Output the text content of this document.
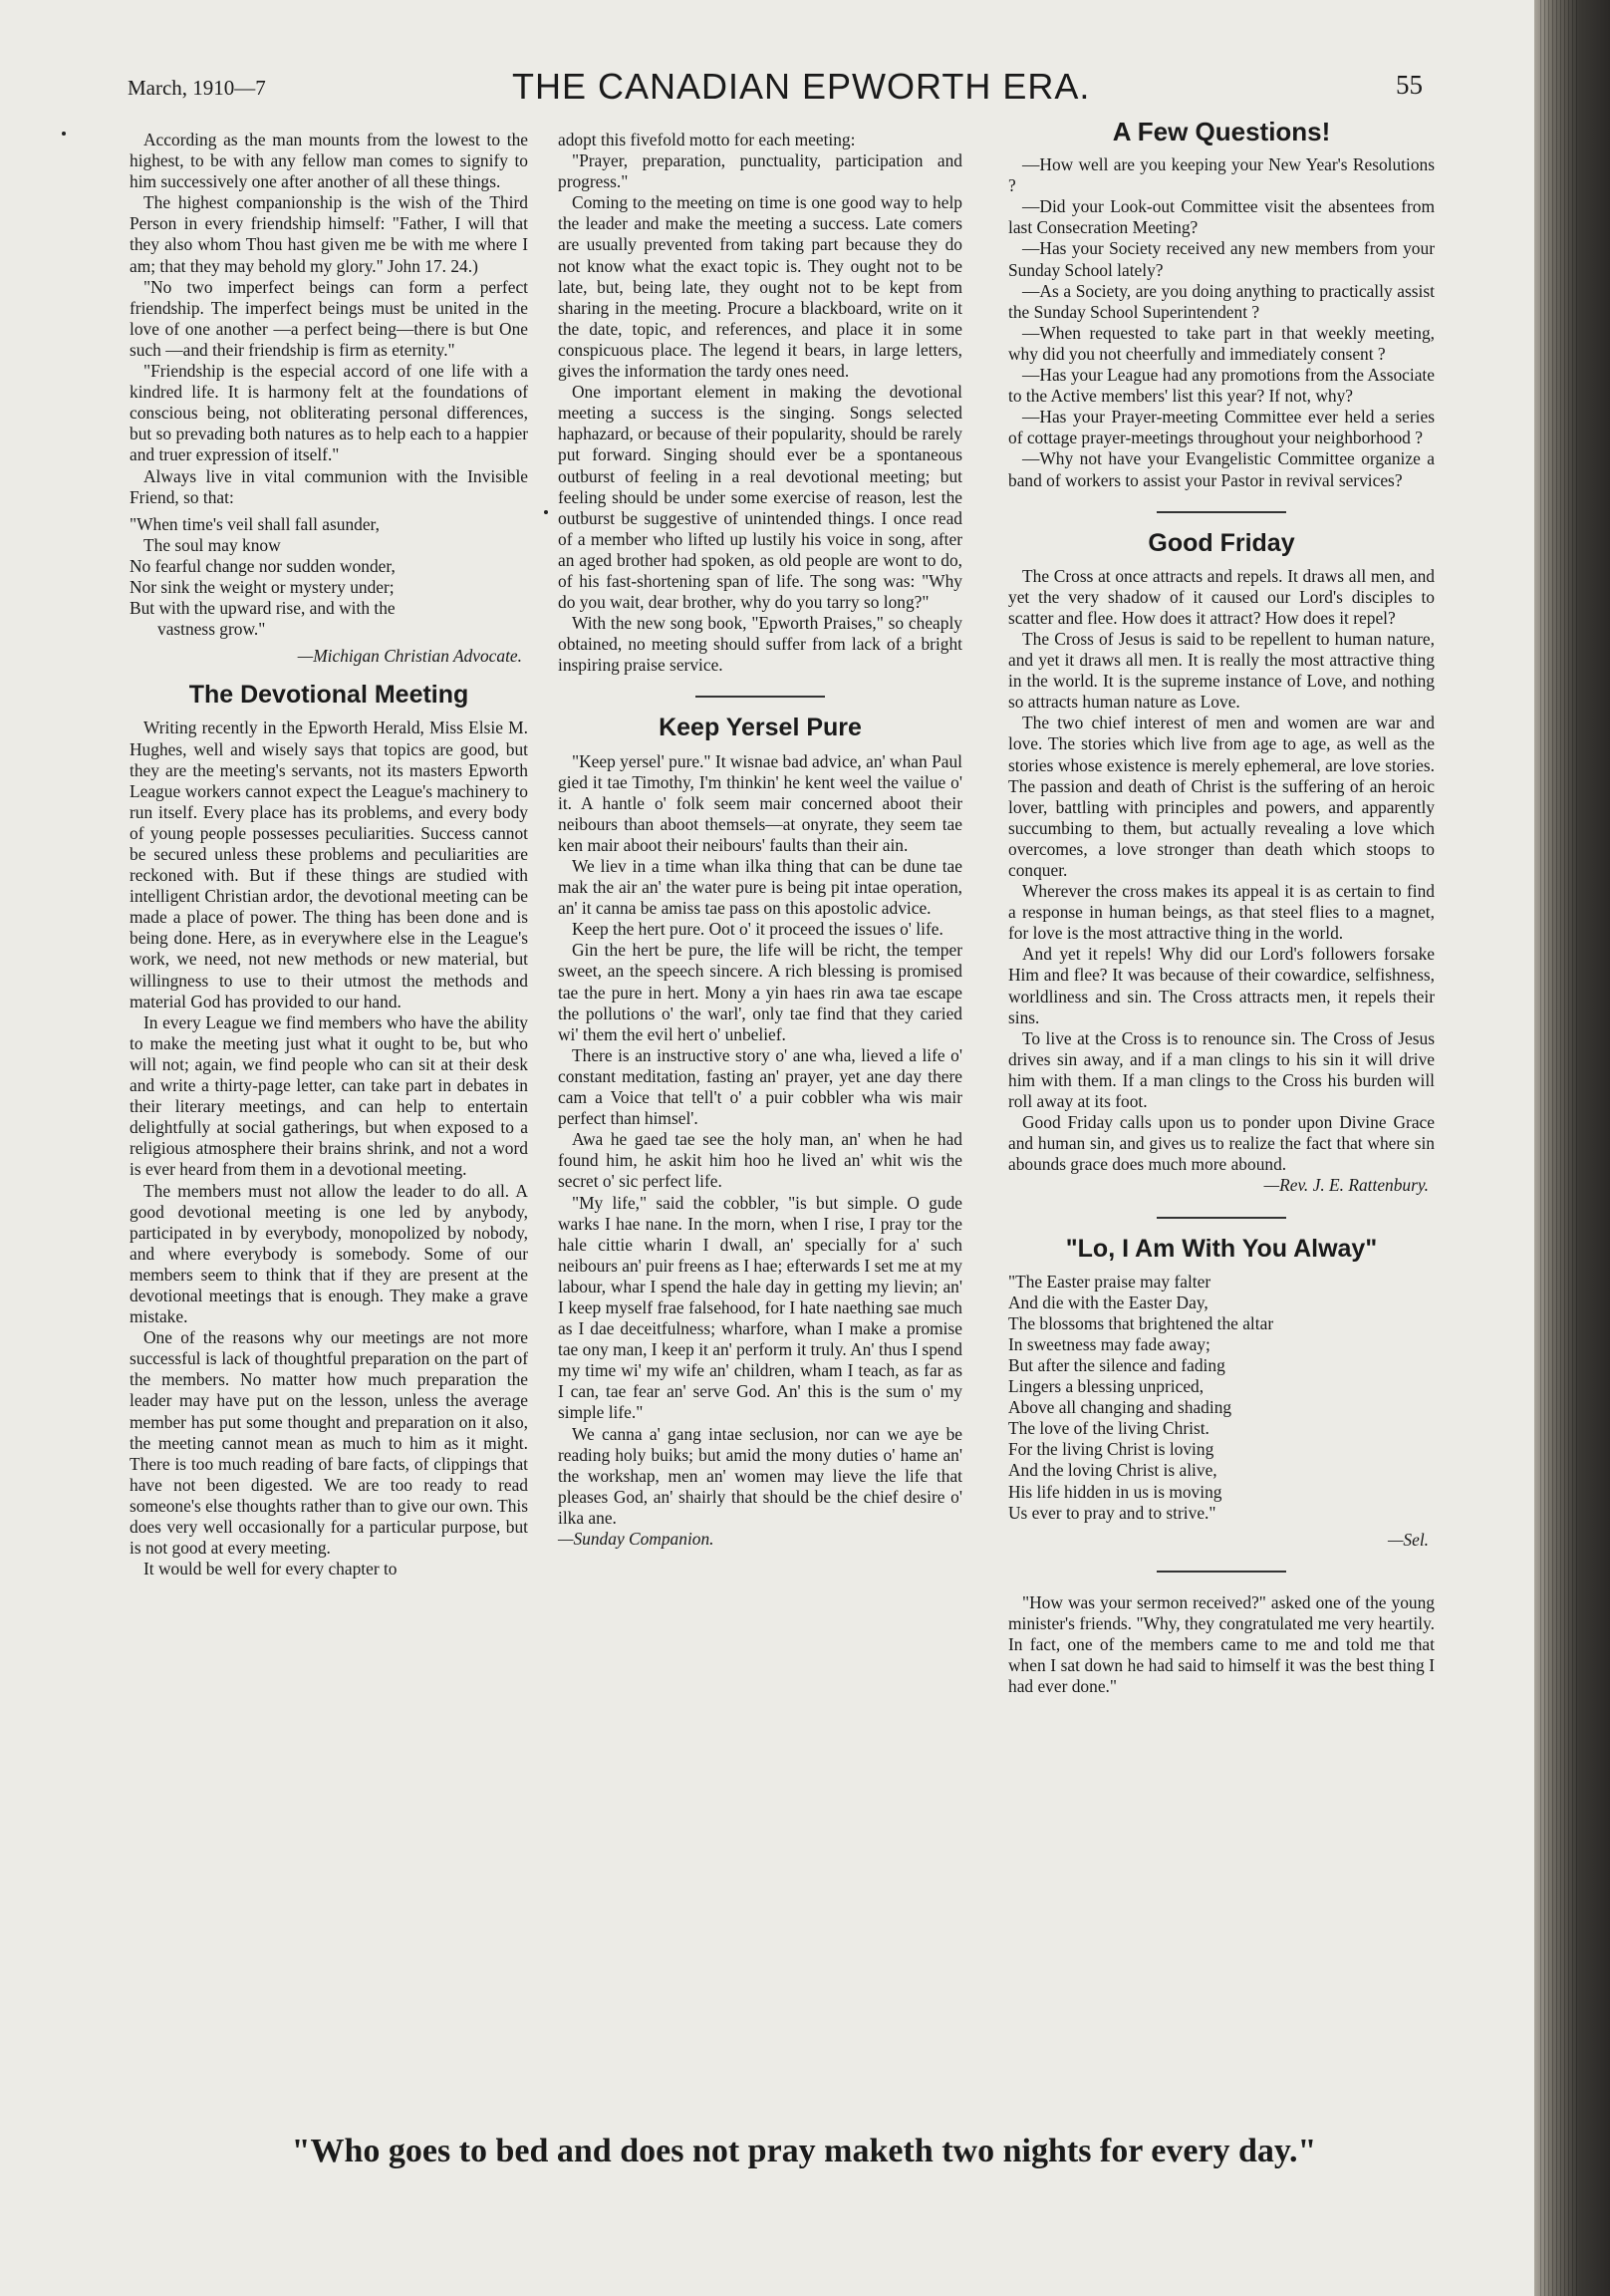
March, 1910—7	THE CANADIAN EPWORTH ERA.	55

According as the man mounts from the lowest to the highest, to be with any fellow man comes to signify to him successively one after another of all these things.

The highest companionship is the wish of the Third Person in every friendship himself: "Father, I will that they also whom Thou hast given me be with me where I am; that they may behold my glory." John 17. 24.)

"No two imperfect beings can form a perfect friendship. The imperfect beings must be united in the love of one another —a perfect being—there is but One such —and their friendship is firm as eternity."

"Friendship is the especial accord of one life with a kindred life. It is harmony felt at the foundations of conscious being, not obliterating personal differences, but so prevading both natures as to help each to a happier and truer expression of itself."

Always live in vital communion with the Invisible Friend, so that:

"When time's veil shall fall asunder,
The soul may know
No fearful change nor sudden wonder,
Nor sink the weight or mystery under;
But with the upward rise, and with the
vastness grow."
—Michigan Christian Advocate.
The Devotional Meeting

Writing recently in the Epworth Herald, Miss Elsie M. Hughes, well and wisely says that topics are good, but they are the meeting's servants, not its masters Epworth League workers cannot expect the League's machinery to run itself. Every place has its problems, and every body of young people possesses peculiarities. Success cannot be secured unless these problems and peculiarities are reckoned with. But if these things are studied with intelligent Christian ardor, the devotional meeting can be made a place of power. The thing has been done and is being done. Here, as in everywhere else in the League's work, we need, not new methods or new material, but willingness to use to their utmost the methods and material God has provided to our hand.

In every League we find members who have the ability to make the meeting just what it ought to be, but who will not; again, we find people who can sit at their desk and write a thirty-page letter, can take part in debates in their literary meetings, and can help to entertain delightfully at social gatherings, but when exposed to a religious atmosphere their brains shrink, and not a word is ever heard from them in a devotional meeting.

The members must not allow the leader to do all. A good devotional meeting is one led by anybody, participated in by everybody, monopolized by nobody, and where everybody is somebody. Some of our members seem to think that if they are present at the devotional meetings that is enough. They make a grave mistake.

One of the reasons why our meetings are not more successful is lack of thoughtful preparation on the part of the members. No matter how much preparation the leader may have put on the lesson, unless the average member has put some thought and preparation on it also, the meeting cannot mean as much to him as it might. There is too much reading of bare facts, of clippings that have not been digested. We are too ready to read someone's else thoughts rather than to give our own. This does very well occasionally for a particular purpose, but is not good at every meeting.

It would be well for every chapter to

adopt this fivefold motto for each meeting:

"Prayer, preparation, punctuality, participation and progress."

Coming to the meeting on time is one good way to help the leader and make the meeting a success. Late comers are usually prevented from taking part because they do not know what the exact topic is. They ought not to be late, but, being late, they ought not to be kept from sharing in the meeting. Procure a blackboard, write on it the date, topic, and references, and place it in some conspicuous place. The legend it bears, in large letters, gives the information the tardy ones need.

One important element in making the devotional meeting a success is the singing. Songs selected haphazard, or because of their popularity, should be rarely put forward. Singing should ever be a spontaneous outburst of feeling in a real devotional meeting; but feeling should be under some exercise of reason, lest the outburst be suggestive of unintended things. I once read of a member who lifted up lustily his voice in song, after an aged brother had spoken, as old people are wont to do, of his fast-shortening span of life. The song was: "Why do you wait, dear brother, why do you tarry so long?"

With the new song book, "Epworth Praises," so cheaply obtained, no meeting should suffer from lack of a bright inspiring praise service.

Keep Yersel Pure

"Keep yersel' pure." It wisnae bad advice, an' whan Paul gied it tae Timothy, I'm thinkin' he kent weel the vailue o' it. A hantle o' folk seem mair concerned aboot their neibours than aboot themsels—at onyrate, they seem tae ken mair aboot their neibours' faults than their ain.

We liev in a time whan ilka thing that can be dune tae mak the air an' the water pure is being pit intae operation, an' it canna be amiss tae pass on this apostolic advice.

Keep the hert pure. Oot o' it proceed the issues o' life.

Gin the hert be pure, the life will be richt, the temper sweet, an the speech sincere. A rich blessing is promised tae the pure in hert. Mony a yin haes rin awa tae escape the pollutions o' the warl', only tae find that they caried wi' them the evil hert o' unbelief.

There is an instructive story o' ane wha, lieved a life o' constant meditation, fasting an' prayer, yet ane day there cam a Voice that tell't o' a puir cobbler wha wis mair perfect than himsel'.

Awa he gaed tae see the holy man, an' when he had found him, he askit him hoo he lived an' whit wis the secret o' sic perfect life.

"My life," said the cobbler, "is but simple. O gude warks I hae nane. In the morn, when I rise, I pray tor the hale cittie wharin I dwall, an' specially for a' such neibours an' puir freens as I hae; efterwards I set me at my labour, whar I spend the hale day in getting my lievin; an' I keep myself frae falsehood, for I hate naething sae much as I dae deceitfulness; wharfore, whan I make a promise tae ony man, I keep it an' perform it truly. An' thus I spend my time wi' my wife an' children, wham I teach, as far as I can, tae fear an' serve God. An' this is the sum o' my simple life."

We canna a' gang intae seclusion, nor can we aye be reading holy buiks; but amid the mony duties o' hame an' the workshap, men an' women may lieve the life that pleases God, an' shairly that should be the chief desire o' ilka ane.

—Sunday Companion.
A Few Questions!

—How well are you keeping your New Year's Resolutions ?

—Did your Look-out Committee visit the absentees from last Consecration Meeting?

—Has your Society received any new members from your Sunday School lately?

—As a Society, are you doing anything to practically assist the Sunday School Superintendent ?

—When requested to take part in that weekly meeting, why did you not cheerfully and immediately consent ?

—Has your League had any promotions from the Associate to the Active members' list this year? If not, why?

—Has your Prayer-meeting Committee ever held a series of cottage prayer-meetings throughout your neighborhood ?

—Why not have your Evangelistic Committee organize a band of workers to assist your Pastor in revival services?

Good Friday

The Cross at once attracts and repels. It draws all men, and yet the very shadow of it caused our Lord's disciples to scatter and flee. How does it attract? How does it repel?

The Cross of Jesus is said to be repellent to human nature, and yet it draws all men. It is really the most attractive thing in the world. It is the supreme instance of Love, and nothing so attracts human nature as Love.

The two chief interest of men and women are war and love. The stories which live from age to age, as well as the stories whose existence is merely ephemeral, are love stories. The passion and death of Christ is the suffering of an heroic lover, battling with principles and powers, and apparently succumbing to them, but actually revealing a love which overcomes, a love stronger than death which stoops to conquer.

Wherever the cross makes its appeal it is as certain to find a response in human beings, as that steel flies to a magnet, for love is the most attractive thing in the world.

And yet it repels! Why did our Lord's followers forsake Him and flee? It was because of their cowardice, selfishness, worldliness and sin. The Cross attracts men, it repels their sins.

To live at the Cross is to renounce sin. The Cross of Jesus drives sin away, and if a man clings to his sin it will drive him with them. If a man clings to the Cross his burden will roll away at its foot.

Good Friday calls upon us to ponder upon Divine Grace and human sin, and gives us to realize the fact that where sin abounds grace does much more abound.

—Rev. J. E. Rattenbury.
"Lo, I Am With You Alway"
"The Easter praise may falter
And die with the Easter Day,
The blossoms that brightened the altar
In sweetness may fade away;
But after the silence and fading
Lingers a blessing unpriced,
Above all changing and shading
The love of the living Christ.
For the living Christ is loving
And the loving Christ is alive,
His life hidden in us is moving
Us ever to pray and to strive."
—Sel.

"How was your sermon received?" asked one of the young minister's friends. "Why, they congratulated me very heartily. In fact, one of the members came to me and told me that when I sat down he had said to himself it was the best thing I had ever done."

"Who goes to bed and does not pray maketh two nights for every day."
